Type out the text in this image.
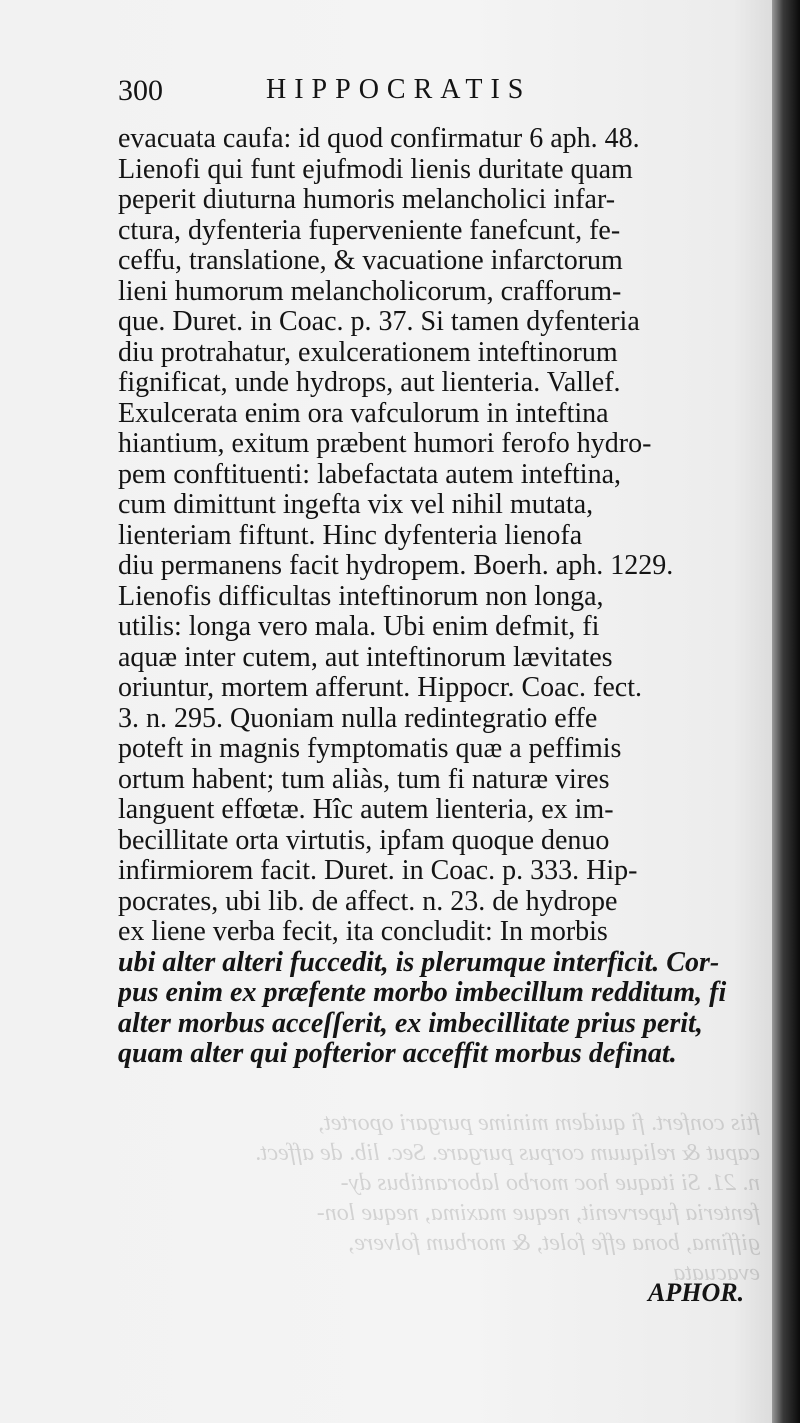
300	HIPPOCRATIS
ftis confert. fi quidem minime purgari oportet,
caput & reliquum corpus purgare. Sec. lib. de affect.
n. 21. Si itaque hoc morbo laborantibus dy-
fenteria fupervenit, neque maxima, neque lon-
giffima, bona effe folet, & morbum folvere,
evacuata
evacuata caufa: id quod confirmatur 6 aph. 48.
Lienofi qui funt ejufmodi lienis duritate quam
peperit diuturna humoris melancholici infar-
ctura, dyfenteria fuperveniente fanefcunt, fe-
ceffu, translatione, & vacuatione infarctorum
lieni humorum melancholicorum, crafforum-
que. Duret. in Coac. p. 37. Si tamen dyfenteria
diu protrahatur, exulcerationem inteftinorum
fignificat, unde hydrops, aut lienteria. Vallef.
Exulcerata enim ora vafculorum in inteftina
hiantium, exitum præbent humori ferofo hydro-
pem conftituenti: labefactata autem inteftina,
cum dimittunt ingefta vix vel nihil mutata,
lienteriam fiftunt. Hinc dyfenteria lienofa
diu permanens facit hydropem. Boerh. aph. 1229.
Lienofis difficultas inteftinorum non longa,
utilis: longa vero mala. Ubi enim defmit, fi
aquæ inter cutem, aut inteftinorum lævitates
oriuntur, mortem afferunt. Hippocr. Coac. fect.
3. n. 295. Quoniam nulla redintegratio effe
poteft in magnis fymptomatis quæ a peffimis
ortum habent; tum aliàs, tum fi naturæ vires
languent effœtæ. Hîc autem lienteria, ex im-
becillitate orta virtutis, ipfam quoque denuo
infirmiorem facit. Duret. in Coac. p. 333. Hip-
pocrates, ubi lib. de affect. n. 23. de hydrope
ex liene verba fecit, ita concludit: In morbis
ubi alter alteri fuccedit, is plerumque interficit. Cor-
pus enim ex præfente morbo imbecillum redditum, fi
alter morbus acceſſerit, ex imbecillitate prius perit,
quam alter qui pofterior acceffit morbus definat.
APHOR.
